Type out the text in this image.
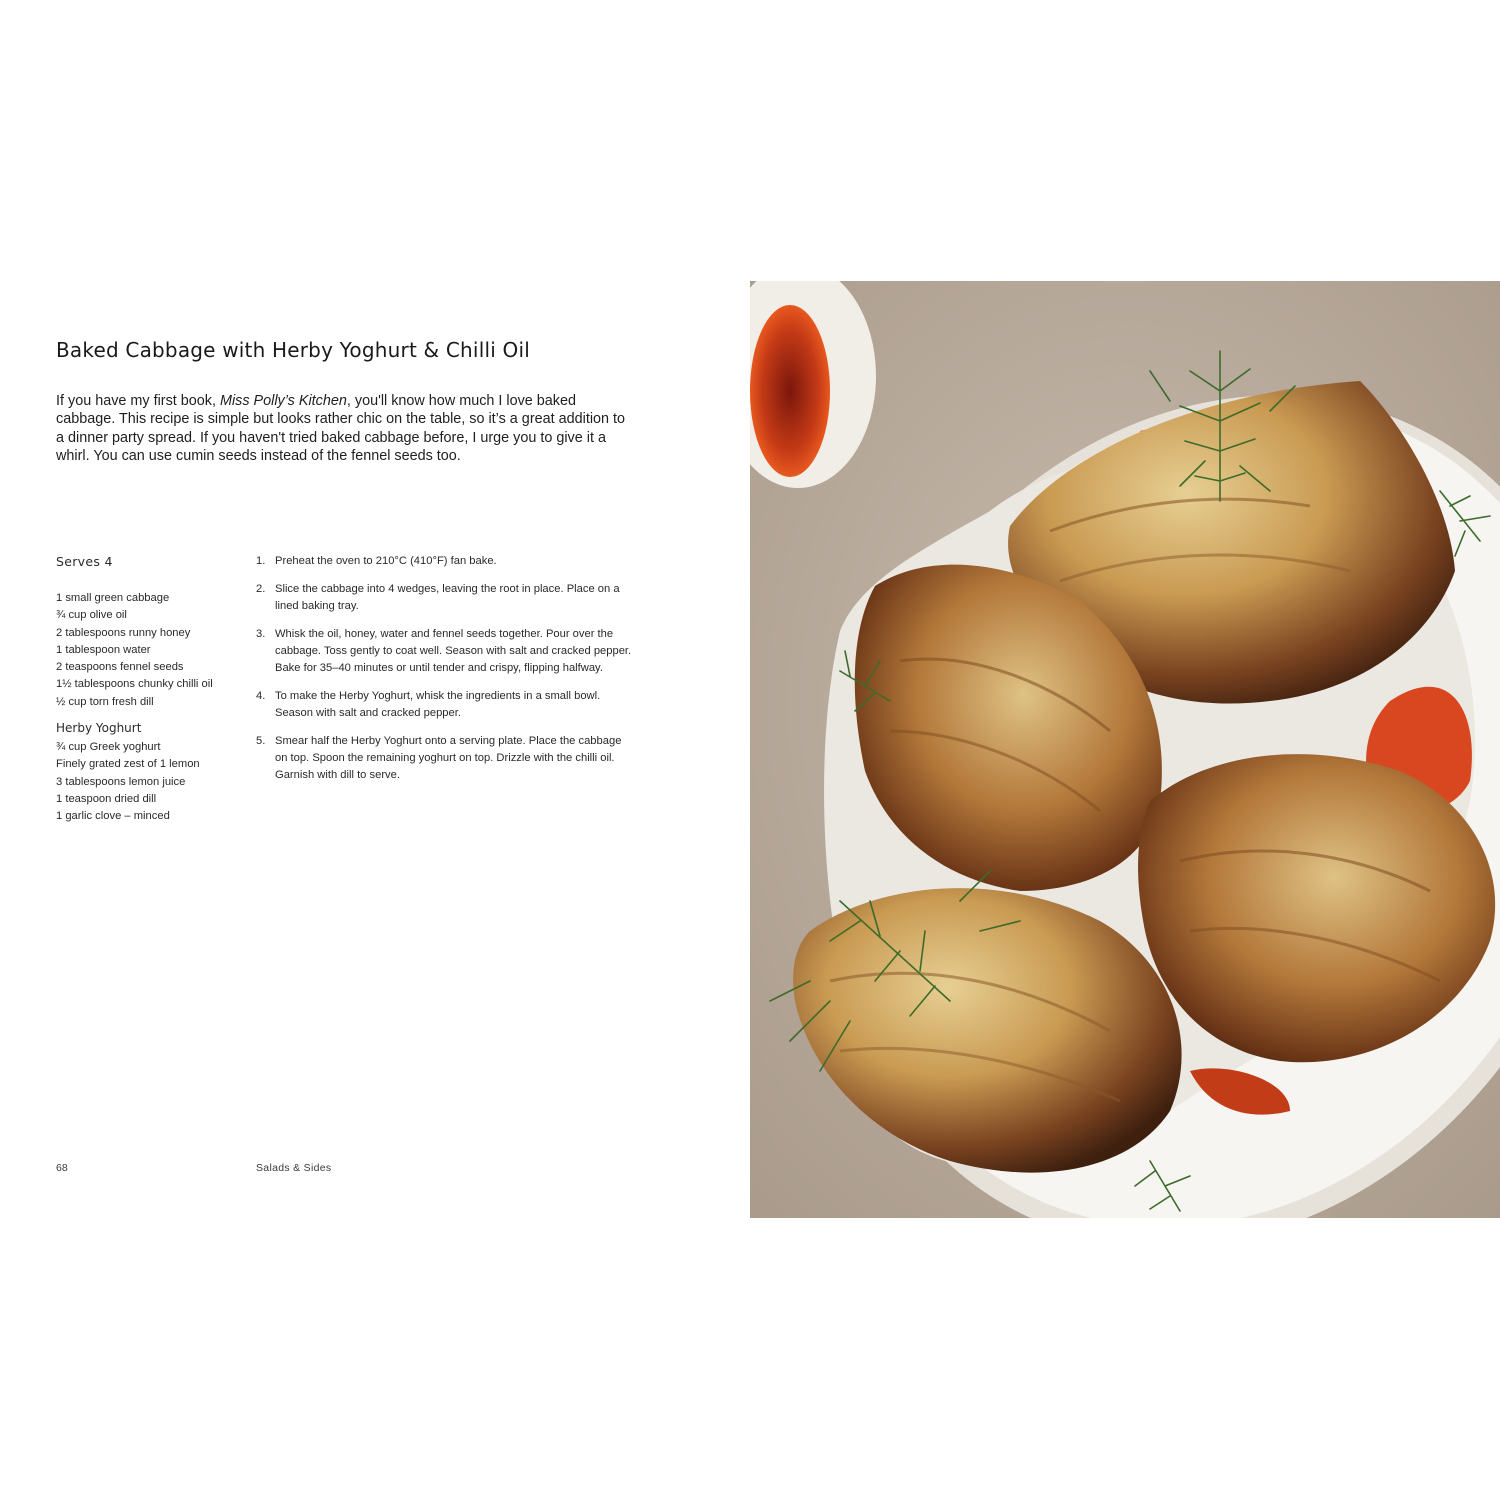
Baked Cabbage with Herby Yoghurt & Chilli Oil

If you have my first book, Miss Polly’s Kitchen, you'll know how much I love baked cabbage. This recipe is simple but looks rather chic on the table, so it’s a great addition to a dinner party spread. If you haven't tried baked cabbage before, I urge you to give it a whirl. You can use cumin seeds instead of the fennel seeds too.

Serves 4

1 small green cabbage
¾ cup olive oil
2 tablespoons runny honey
1 tablespoon water
2 teaspoons fennel seeds
1½ tablespoons chunky chilli oil
½ cup torn fresh dill
Herby Yoghurt
¾ cup Greek yoghurt
Finely grated zest of 1 lemon
3 tablespoons lemon juice
1 teaspoon dried dill
1 garlic clove – minced
1. Preheat the oven to 210°C (410°F) fan bake.
2. Slice the cabbage into 4 wedges, leaving the root in place. Place on a lined baking tray.
3. Whisk the oil, honey, water and fennel seeds together. Pour over the cabbage. Toss gently to coat well. Season with salt and cracked pepper. Bake for 35–40 minutes or until tender and crispy, flipping halfway.
4. To make the Herby Yoghurt, whisk the ingredients in a small bowl. Season with salt and cracked pepper.
5. Smear half the Herby Yoghurt onto a serving plate. Place the cabbage on top. Spoon the remaining yoghurt on top. Drizzle with the chilli oil. Garnish with dill to serve.
68	Salads & Sides
